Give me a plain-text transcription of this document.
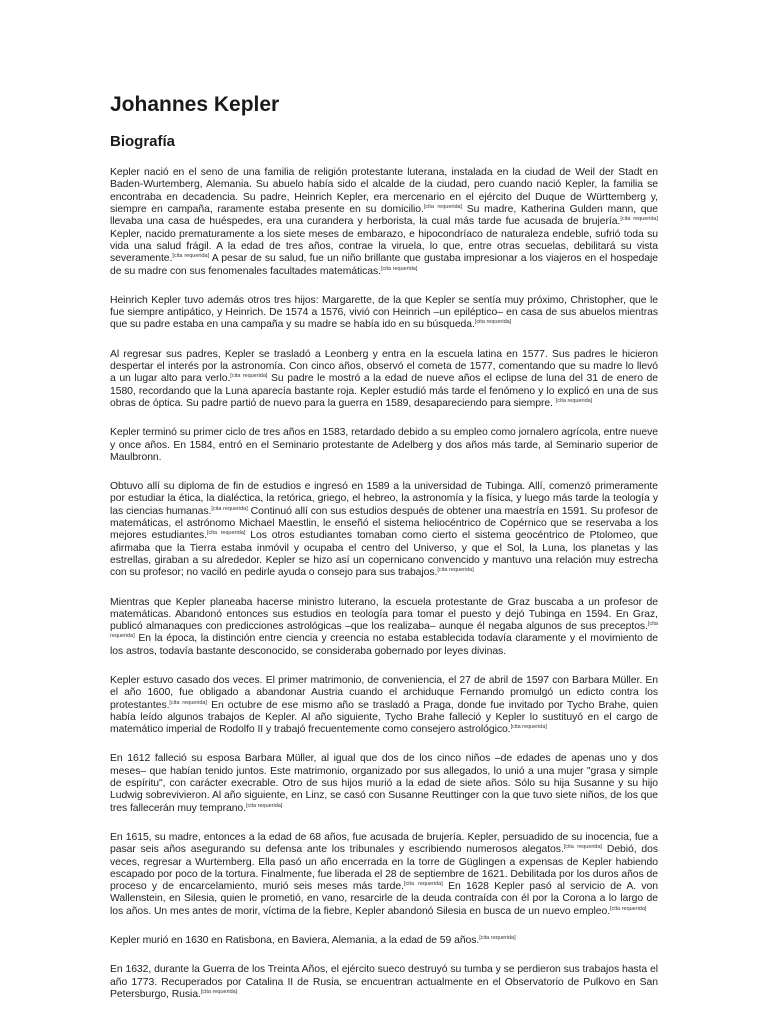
Johannes Kepler
Biografía

Kepler nació en el seno de una familia de religión protestante luterana, instalada en la ciudad de Weil der Stadt en Baden-Wurtemberg, Alemania. Su abuelo había sido el alcalde de la ciudad, pero cuando nació Kepler, la familia se encontraba en decadencia. Su padre, Heinrich Kepler, era mercenario en el ejército del Duque de Württemberg y, siempre en campaña, raramente estaba presente en su domicilio.[cita requerida] Su madre, Katherina Gulden mann, que llevaba una casa de huéspedes, era una curandera y herborista, la cual más tarde fue acusada de brujería.[cita requerida] Kepler, nacido prematuramente a los siete meses de embarazo, e hipocondríaco de naturaleza endeble, sufrió toda su vida una salud frágil. A la edad de tres años, contrae la viruela, lo que, entre otras secuelas, debilitará su vista severamente.[cita requerida] A pesar de su salud, fue un niño brillante que gustaba impresionar a los viajeros en el hospedaje de su madre con sus fenomenales facultades matemáticas.[cita requerida]

Heinrich Kepler tuvo además otros tres hijos: Margarette, de la que Kepler se sentía muy próximo, Christopher, que le fue siempre antipático, y Heinrich. De 1574 a 1576, vivió con Heinrich –un epiléptico– en casa de sus abuelos mientras que su padre estaba en una campaña y su madre se había ido en su búsqueda.[cita requerida]

Al regresar sus padres, Kepler se trasladó a Leonberg y entra en la escuela latina en 1577. Sus padres le hicieron despertar el interés por la astronomía. Con cinco años, observó el cometa de 1577, comentando que su madre lo llevó a un lugar alto para verlo.[cita requerida] Su padre le mostró a la edad de nueve años el eclipse de luna del 31 de enero de 1580, recordando que la Luna aparecía bastante roja. Kepler estudió más tarde el fenómeno y lo explicó en una de sus obras de óptica. Su padre partió de nuevo para la guerra en 1589, desapareciendo para siempre. [cita requerida]

Kepler terminó su primer ciclo de tres años en 1583, retardado debido a su empleo como jornalero agrícola, entre nueve y once años. En 1584, entró en el Seminario protestante de Adelberg y dos años más tarde, al Seminario superior de Maulbronn.

Obtuvo allí su diploma de fin de estudios e ingresó en 1589 a la universidad de Tubinga. Allí, comenzó primeramente por estudiar la ética, la dialéctica, la retórica, griego, el hebreo, la astronomía y la física, y luego más tarde la teología y las ciencias humanas.[cita requerida] Continuó allí con sus estudios después de obtener una maestría en 1591. Su profesor de matemáticas, el astrónomo Michael Maestlin, le enseñó el sistema heliocéntrico de Copérnico que se reservaba a los mejores estudiantes.[cita requerida] Los otros estudiantes tomaban como cierto el sistema geocéntrico de Ptolomeo, que afirmaba que la Tierra estaba inmóvil y ocupaba el centro del Universo, y que el Sol, la Luna, los planetas y las estrellas, giraban a su alrededor. Kepler se hizo así un copernicano convencido y mantuvo una relación muy estrecha con su profesor; no vaciló en pedirle ayuda o consejo para sus trabajos.[cita requerida]

Mientras que Kepler planeaba hacerse ministro luterano, la escuela protestante de Graz buscaba a un profesor de matemáticas. Abandonó entonces sus estudios en teología para tomar el puesto y dejó Tubinga en 1594. En Graz, publicó almanaques con predicciones astrológicas –que los realizaba– aunque él negaba algunos de sus preceptos.[cita requerida] En la época, la distinción entre ciencia y creencia no estaba establecida todavía claramente y el movimiento de los astros, todavía bastante desconocido, se consideraba gobernado por leyes divinas.

Kepler estuvo casado dos veces. El primer matrimonio, de conveniencia, el 27 de abril de 1597 con Barbara Müller. En el año 1600, fue obligado a abandonar Austria cuando el archiduque Fernando promulgó un edicto contra los protestantes.[cita requerida] En octubre de ese mismo año se trasladó a Praga, donde fue invitado por Tycho Brahe, quien había leído algunos trabajos de Kepler. Al año siguiente, Tycho Brahe falleció y Kepler lo sustituyó en el cargo de matemático imperial de Rodolfo II y trabajó frecuentemente como consejero astrológico.[cita requerida]

En 1612 falleció su esposa Barbara Müller, al igual que dos de los cinco niños –de edades de apenas uno y dos meses– que habían tenido juntos. Este matrimonio, organizado por sus allegados, lo unió a una mujer "grasa y simple de espíritu", con carácter execrable. Otro de sus hijos murió a la edad de siete años. Sólo su hija Susanne y su hijo Ludwig sobrevivieron. Al año siguiente, en Linz, se casó con Susanne Reuttinger con la que tuvo siete niños, de los que tres fallecerán muy temprano.[cita requerida]

En 1615, su madre, entonces a la edad de 68 años, fue acusada de brujería. Kepler, persuadido de su inocencia, fue a pasar seis años asegurando su defensa ante los tribunales y escribiendo numerosos alegatos.[cita requerida] Debió, dos veces, regresar a Wurtemberg. Ella pasó un año encerrada en la torre de Güglingen a expensas de Kepler habiendo escapado por poco de la tortura. Finalmente, fue liberada el 28 de septiembre de 1621. Debilitada por los duros años de proceso y de encarcelamiento, murió seis meses más tarde.[cita requerida] En 1628 Kepler pasó al servicio de A. von Wallenstein, en Silesia, quien le prometió, en vano, resarcirle de la deuda contraída con él por la Corona a lo largo de los años. Un mes antes de morir, víctima de la fiebre, Kepler abandonó Silesia en busca de un nuevo empleo.[cita requerida]

Kepler murió en 1630 en Ratisbona, en Baviera, Alemania, a la edad de 59 años.[cita requerida]

En 1632, durante la Guerra de los Treinta Años, el ejército sueco destruyó su tumba y se perdieron sus trabajos hasta el año 1773. Recuperados por Catalina II de Rusia, se encuentran actualmente en el Observatorio de Pulkovo en San Petersburgo, Rusia.[cita requerida]
